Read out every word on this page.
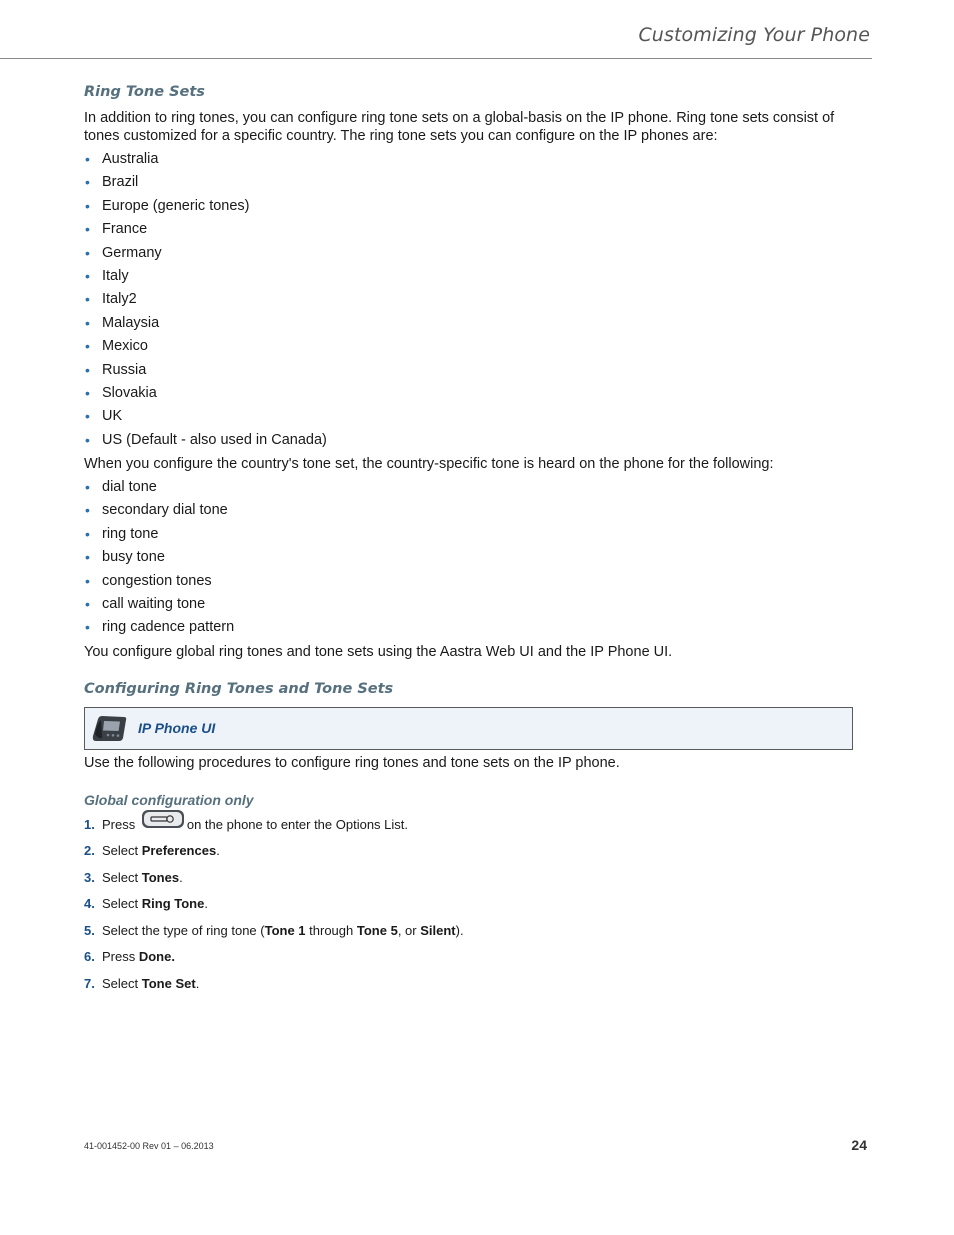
Customizing Your Phone
Ring Tone Sets

In addition to ring tones, you can configure ring tone sets on a global-basis on the IP phone. Ring tone sets consist of tones customized for a specific country. The ring tone sets you can configure on the IP phones are:

• Australia
• Brazil
• Europe (generic tones)
• France
• Germany
• Italy
• Italy2
• Malaysia
• Mexico
• Russia
• Slovakia
• UK
• US (Default - also used in Canada)

When you configure the country's tone set, the country-specific tone is heard on the phone for the following:

• dial tone
• secondary dial tone
• ring tone
• busy tone
• congestion tones
• call waiting tone
• ring cadence pattern

You configure global ring tones and tone sets using the Aastra Web UI and the IP Phone UI.

Configuring Ring Tones and Tone Sets
IP Phone UI

Use the following procedures to configure ring tones and tone sets on the IP phone.

Global configuration only
1. Press	on the phone to enter the Options List.
2. Select Preferences.
3. Select Tones.
4. Select Ring Tone.
5. Select the type of ring tone (Tone 1 through Tone 5, or Silent).
6. Press Done.
7. Select Tone Set.
41-001452-00 Rev 01 – 06.2013	24
